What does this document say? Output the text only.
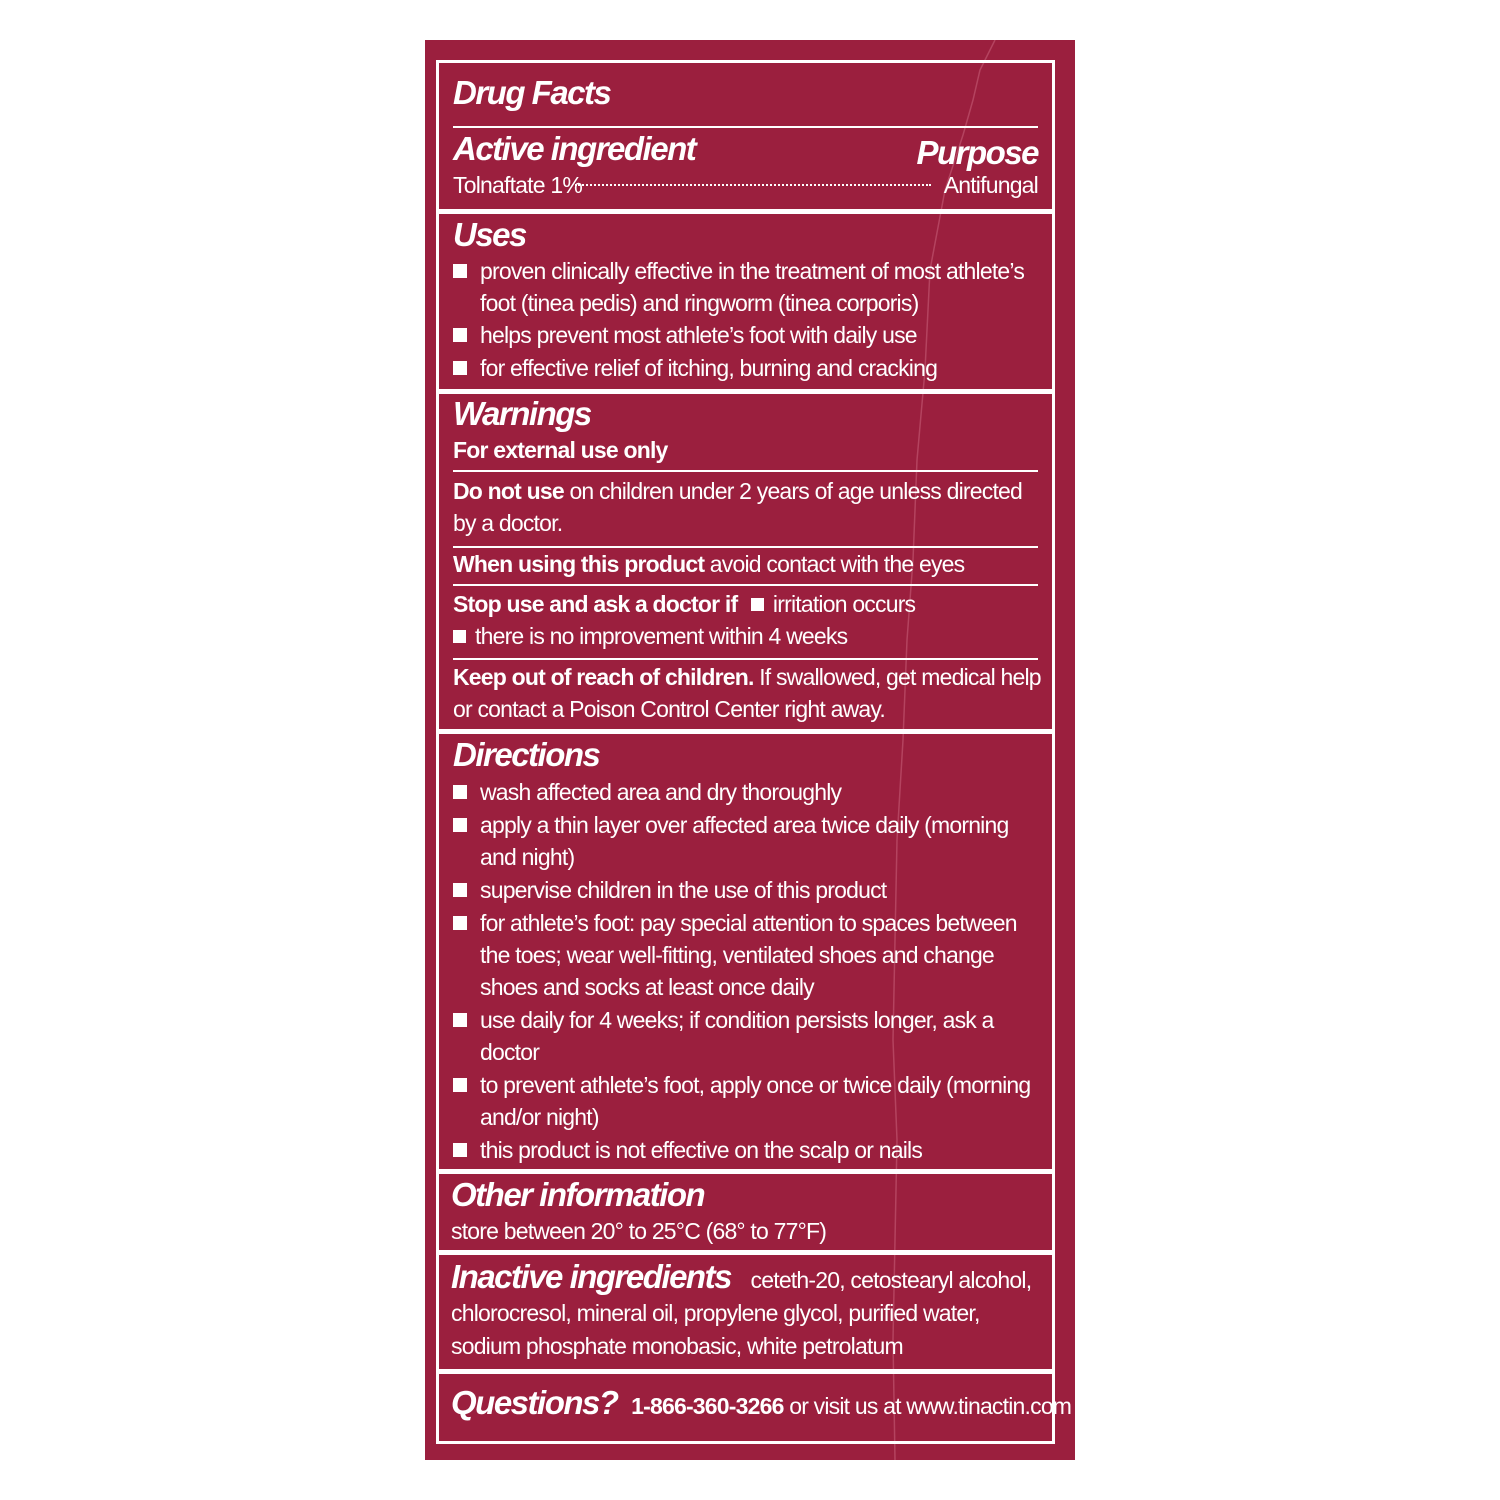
Drug Facts
Active ingredient	Purpose
Tolnaftate 1%	Antifungal
Uses
proven clinically effective in the treatment of most athlete’s
foot (tinea pedis) and ringworm (tinea corporis)
helps prevent most athlete’s foot with daily use
for effective relief of itching, burning and cracking
Warnings
For external use only
Do not use on children under 2 years of age unless directed
by a doctor.
When using this product avoid contact with the eyes
Stop use and ask a doctor if irritation occurs
there is no improvement within 4 weeks
Keep out of reach of children. If swallowed, get medical help
or contact a Poison Control Center right away.
Directions
wash affected area and dry thoroughly
apply a thin layer over affected area twice daily (morning
and night)
supervise children in the use of this product
for athlete’s foot: pay special attention to spaces between
the toes; wear well-fitting, ventilated shoes and change
shoes and socks at least once daily
use daily for 4 weeks; if condition persists longer, ask a
doctor
to prevent athlete’s foot, apply once or twice daily (morning
and/or night)
this product is not effective on the scalp or nails
Other information
store between 20° to 25°C (68° to 77°F)
Inactive ingredients ceteth-20, cetostearyl alcohol,
chlorocresol, mineral oil, propylene glycol, purified water,
sodium phosphate monobasic, white petrolatum
Questions? 1-866-360-3266 or visit us at www.tinactin.com
